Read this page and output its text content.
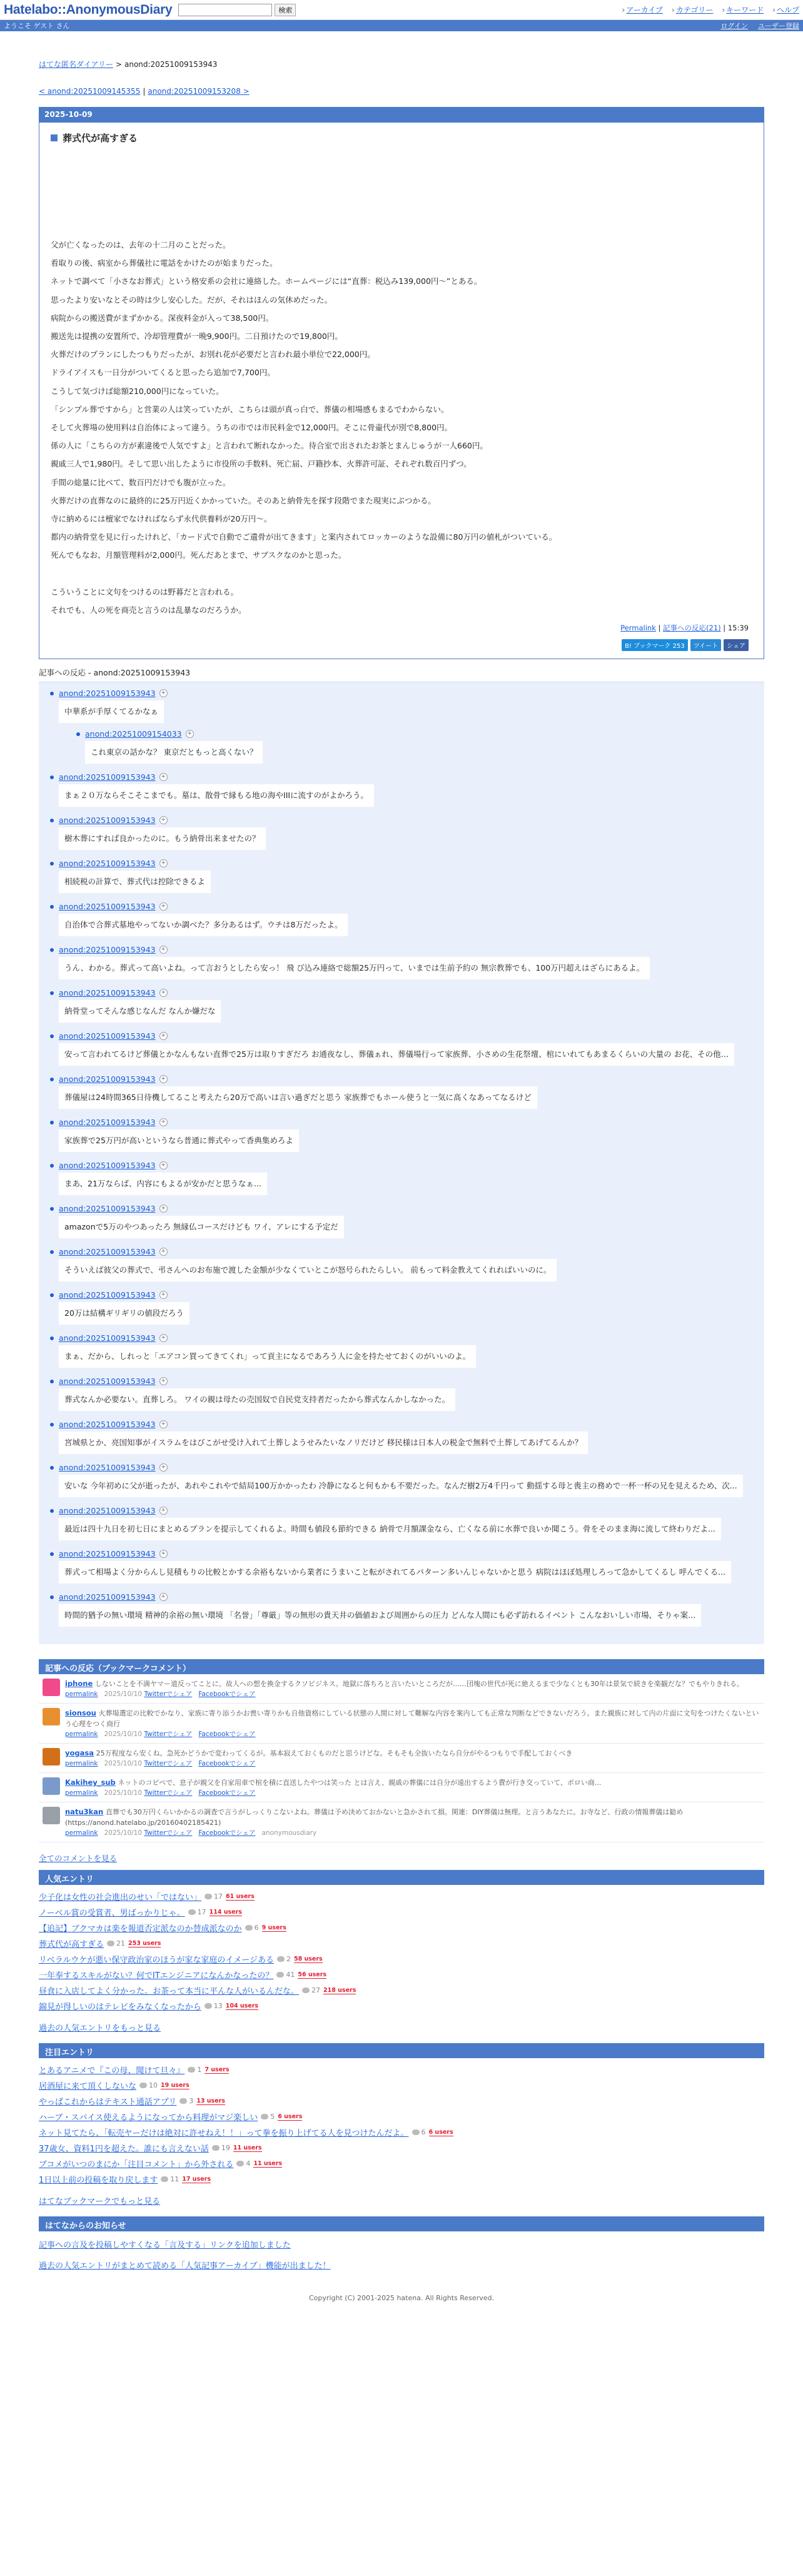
Hatelabo::AnonymousDiary	検索	› アーカイブ	› カテゴリー	› キーワード	› ヘルプ
ようこそ ゲスト さん	ログイン ユーザー登録
はてな匿名ダイアリー > anond:20251009153943
< anond:20251009145355 | anond:20251009153208 >
2025-10-09
葬式代が高すぎる

父が亡くなったのは、去年の十二月のことだった。

看取りの後、病室から葬儀社に電話をかけたのが始まりだった。

ネットで調べて「小さなお葬式」という格安系の会社に連絡した。ホームページには“直葬：税込み139,000円〜”とある。

思ったより安いなとその時は少し安心した。だが、それはほんの気休めだった。

病院からの搬送費がまずかかる。深夜料金が入って38,500円。

搬送先は提携の安置所で、冷却管理費が一晩9,900円。二日預けたので19,800円。

火葬だけのプランにしたつもりだったが、お別れ花が必要だと言われ最小単位で22,000円。

ドライアイスも一日分がついてくると思ったら追加で7,700円。

こうして気づけば総額210,000円になっていた。

「シンプル葬ですから」と営業の人は笑っていたが、こちらは頭が真っ白で、葬儀の相場感もまるでわからない。

そして火葬場の使用料は自治体によって違う。うちの市では市民料金で12,000円。そこに骨壷代が別で8,800円。

係の人に「こちらの方が素違後で人気ですよ」と言われて断れなかった。待合室で出されたお茶とまんじゅうが一人660円。

親戚三人で1,980円。そして思い出したように市役所の手数料、死亡届、戸籍抄本、火葬許可証、それぞれ数百円ずつ。

手間の総量に比べて、数百円だけでも腹が立った。

火葬だけの直葬なのに最終的に25万円近くかかっていた。そのあと納骨先を探す段階でまた現実にぶつかる。

寺に納めるには檀家でなければならず永代供養料が20万円〜。

都内の納骨堂を見に行ったけれど、「カード式で自動でご遺骨が出てきます」と案内されてロッカーのような設備に80万円の値札がついている。

死んでもなお、月額管理料が2,000円。死んだあとまで、サブスクなのかと思った。

こういうことに文句をつけるのは野暮だと言われる。

それでも、人の死を商売と言うのは乱暴なのだろうか。

Permalink | 記事への反応(21) | 15:39
B! ブックマーク 253	ツイート	シェア
記事への反応 - anond:20251009153943
anond:20251009153943 +
中華系が手厚くてるかなぁ
anond:20251009154033 +
これ東京の話かな？ 東京だともっと高くない？
anond:20251009153943 +
まぁ２０万ならそこそこまでも。墓は、散骨で縁もる地の海やIIIに流すのがよかろう。
anond:20251009153943 +
樹木葬にすれば良かったのに。もう納骨出来ませたの？
anond:20251009153943 +
相続税の計算で、葬式代は控除できるよ
anond:20251009153943 +
自治体で合葬式墓地やってないか調べた？多分あるはず。ウチは8万だったよ。
anond:20251009153943 +
うん、わかる。葬式って高いよね。って言おうとしたら安っ！ 飛 び込み連絡で総額25万円って、いまでは生前予約の 無宗教葬でも、100万円超えはざらにあるよ。
anond:20251009153943 +
納骨堂ってそんな感じなんだ なんか嫌だな
anond:20251009153943 +
安って言われてるけど葬儀とかなんもない直葬で25万は取りすぎだろ お通夜なし、葬儀ぁれ、葬儀場行って家族葬、小さめの生花祭壇、棺にいれてもあまるくらいの大量の お花、その他…
anond:20251009153943 +
葬儀屋は24時間365日待機してること考えたら20万で高いは言い過ぎだと思う 家族葬でもホール使うと一気に高くなあってなるけど
anond:20251009153943 +
家族葬で25万円が高いというなら普通に葬式やって香典集めろよ
anond:20251009153943 +
まあ、21万ならば、内容にもよるが安かだと思うなぁ...
anond:20251009153943 +
amazonで5万のやつあったろ 無縁仏コースだけども ワイ、アレにする予定だ
anond:20251009153943 +
そういえば彼父の葬式で、弔さんへのお布施で渡した金額が少なくていとこが怒号られたらしい。 前もって料金教えてくれればいいのに。
anond:20251009153943 +
20万は結構ギリギリの値段だろう
anond:20251009153943 +
まぁ、だから、しれっと「エアコン買ってきてくれ」って貢主になるであろう人に金を持たせておくのがいいのよ。
anond:20251009153943 +
葬式なんか必要ない。直葬しろ。 ワイの親は母たの売国奴で自民党支持者だったから葬式なんかしなかった。
anond:20251009153943 +
宮城県とか、亮国知事がイスラムをはびこがせ受け入れて土葬しようせみたいなノリだけど 移民様は日本人の税金で無料で土葬してあげてるんか？
anond:20251009153943 +
安いな 今年初めに父が逝ったが、あれやこれやで結局100万かかったわ 冷静になると何もかも不要だった。なんだ樹2万4千円って 動揺する母と喪主の務めで一杯一杯の兄を見えるため、次...
anond:20251009153943 +
最近は四十九日を初七日にまとめるプランを提示してくれるよ。時間も値段も節約できる 納骨で月額課金なら、亡くなる前に水葬で良いか聞こう。骨をそのまま海に流して終わりだよ...
anond:20251009153943 +
葬式って相場よく分からんし見積もりの比較とかする余裕もないから業者にうまいこと転がされてるパターン多いんじゃないかと思う 病院はほぼ処理しろって急かしてくるし 呼んでくる...
anond:20251009153943 +
時間的猶予の無い環境 精神的余裕の無い環境 「名誉」「尊厳」等の無形の貴天井の価値および周囲からの圧力 どんな人間にも必ず訪れるイベント こんなおいしい市場、そりゃ案...
記事への反応（ブックマークコメント）
iphone しないことを不満ヤマー道反ってことに。故人への想を換金するクソビジネス。地獄に落ちろと言いたいところだが……団塊の世代が死に絶えるまで少なくとも30年は景気で続きを楽観だな？でもやりきれる。
permalink 2025/10/10 Twitterでシェア Facebookでシェア
sionsou 火葬場選定の比較でかなり、家族に寄り添うかお喪い寄りかも自他資格にしている状態の人間に対して難解な内容を案内しても正常な判断などできないだろう。また親族に対して内の片面に文句をつけたくないという心理をつく商行
permalink 2025/10/10 Twitterでシェア Facebookでシェア
yogasa 25万程度なら安くね。急死かどうかで変わってくるが。基本寂えておくものだと思うけどな。そもそも全抜いたなら自分がやるつもりで手配しておくべき
permalink 2025/10/10 Twitterでシェア Facebookでシェア
Kakihey_sub ネットのコピペで、息子が親父を自家用車で棺を積に直送したやつは笑った とは言え、親戚の葬儀には自分が遠出するよう費が行き交っていて、ボロい商...
permalink 2025/10/10 Twitterでシェア Facebookでシェア
natu3kan 直葬でも30万円くらいかかるの調査で言うがしっくりこないよね。葬儀は予め決めておかないと急かされて損。関連：DIY葬儀は無理。と言うあなたに。お寺など、行政の情報葬儀は勧め(https://anond.hatelabo.jp/20160402185421)
permalink 2025/10/10 Twitterでシェア Facebookでシェア anonymousdiary
全てのコメントを見る
人気エントリ
少子化は女性の社会進出のせい「ではない」	17 61 users
ノーベル賞の受賞者、男ばっかりじゃ。	17 114 users
【追記】ブクマカは楽を報道否定派なのか替成派なのか	6 9 users
葬式代が高すぎる	21 253 users
リベラルウケが悪い保守政治家のほうが家な家庭のイメージある	2 58 users
一年奉するスキルがない？何でITエンジニアになんかなったの？	41 56 users
昼食に入店してよく分かった。お茶って本当に平んな人がいるんだな。	27 218 users
錦見が得しいのはテレビをみなくなったから	13 104 users
過去の人気エントリをもっと見る
注目エントリ
とあるアニメで『この母、聞けて旦々』	1 7 users
居酒屋に来て頂くしないな	10 19 users
やっぱこれからはテキスト通話アプリ	3 13 users
ハーブ・スパイス使えるようになってから料理がマジ楽しい	5 6 users
ネット見てたら、「転売ヤーだけは絶対に許せねえ！！」って拳を振り上げてる人を見つけたんだよ。	6 6 users
37歳女、資料1円を超えた。誰にも言えない話	19 11 users
ブコメがいつのまにか「注目コメント」から外される	4 11 users
1日以上前の投稿を取り戻します	11 17 users
はてなブックマークでもっと見る
はてなからのお知らせ
記事への言及を投稿しやすくなる「言及する」リンクを追加しました
過去の人気エントリがまとめて読める「人気記事アーカイブ」機能が出ました！
Copyright (C) 2001-2025 hatena. All Rights Reserved.
